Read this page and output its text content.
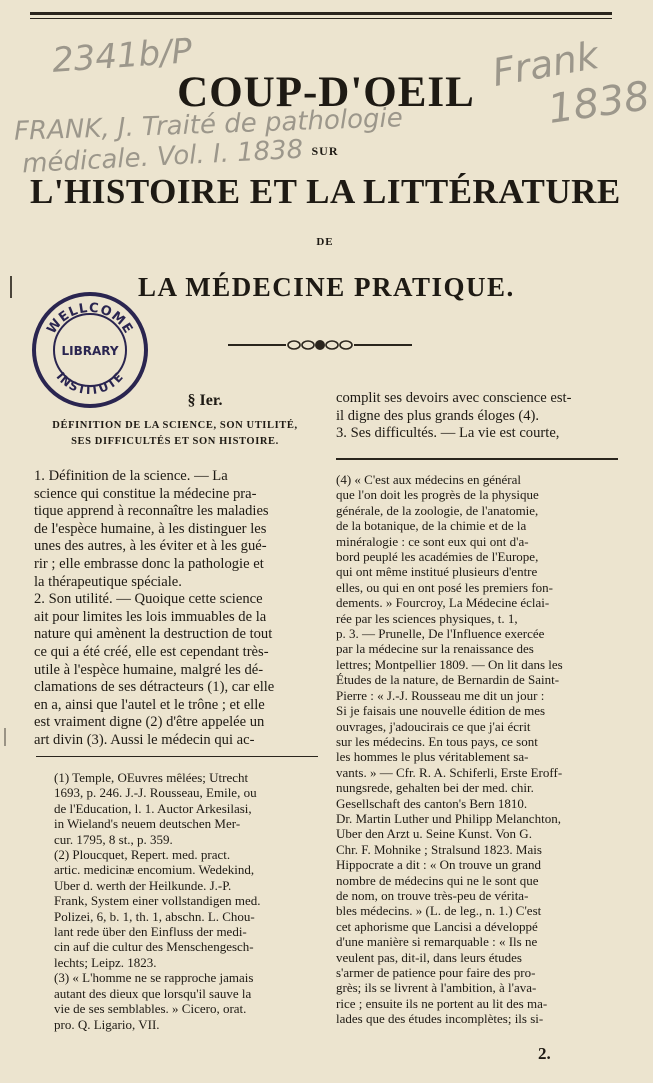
2341b/P
FRANK, J. Traité de pathologie
médicale. Vol. I. 1838
Frank
1838
COUP-D'OEIL
SUR
L'HISTOIRE ET LA LITTÉRATURE
DE
LA MÉDECINE PRATIQUE.
WELLCOME
LIBRARY
INSTITUTE
§ Ier.
DÉFINITION DE LA SCIENCE, SON UTILITÉ,
SES DIFFICULTÉS ET SON HISTOIRE.
1. Définition de la science. — La
science qui constitue la médecine pra-
tique apprend à reconnaître les maladies
de l'espèce humaine, à les distinguer les
unes des autres, à les éviter et à les gué-
rir ; elle embrasse donc la pathologie et
la thérapeutique spéciale.
2. Son utilité. — Quoique cette science
ait pour limites les lois immuables de la
nature qui amènent la destruction de tout
ce qui a été créé, elle est cependant très-
utile à l'espèce humaine, malgré les dé-
clamations de ses détracteurs (1), car elle
en a, ainsi que l'autel et le trône ; et elle
est vraiment digne (2) d'être appelée un
art divin (3). Aussi le médecin qui ac-
(1) Temple, OEuvres mêlées; Utrecht
1693, p. 246. J.-J. Rousseau, Emile, ou
de l'Education, l. 1. Auctor Arkesilasi,
in Wieland's neuem deutschen Mer-
cur. 1795, 8 st., p. 359.
(2) Ploucquet, Repert. med. pract.
artic. medicinæ encomium. Wedekind,
Uber d. werth der Heilkunde. J.-P.
Frank, System einer vollstandigen med.
Polizei, 6, b. 1, th. 1, abschn. L. Chou-
lant rede über den Einfluss der medi-
cin auf die cultur des Menschengesch-
lechts; Leipz. 1823.
(3) « L'homme ne se rapproche jamais
autant des dieux que lorsqu'il sauve la
vie de ses semblables. » Cicero, orat.
pro. Q. Ligario, VII.
complit ses devoirs avec conscience est-
il digne des plus grands éloges (4).
3. Ses difficultés. — La vie est courte,
(4) « C'est aux médecins en général
que l'on doit les progrès de la physique
générale, de la zoologie, de l'anatomie,
de la botanique, de la chimie et de la
minéralogie : ce sont eux qui ont d'a-
bord peuplé les académies de l'Europe,
qui ont même institué plusieurs d'entre
elles, ou qui en ont posé les premiers fon-
dements. » Fourcroy, La Médecine éclai-
rée par les sciences physiques, t. 1,
p. 3. — Prunelle, De l'Influence exercée
par la médecine sur la renaissance des
lettres; Montpellier 1809. — On lit dans les
Études de la nature, de Bernardin de Saint-
Pierre : « J.-J. Rousseau me dit un jour :
Si je faisais une nouvelle édition de mes
ouvrages, j'adoucirais ce que j'ai écrit
sur les médecins. En tous pays, ce sont
les hommes le plus véritablement sa-
vants. » — Cfr. R. A. Schiferli, Erste Eroff-
nungsrede, gehalten bei der med. chir.
Gesellschaft des canton's Bern 1810.
Dr. Martin Luther und Philipp Melanchton,
Uber den Arzt u. Seine Kunst. Von G.
Chr. F. Mohnike ; Stralsund 1823. Mais
Hippocrate a dit : « On trouve un grand
nombre de médecins qui ne le sont que
de nom, on trouve très-peu de vérita-
bles médecins. » (L. de leg., n. 1.) C'est
cet aphorisme que Lancisi a développé
d'une manière si remarquable : « Ils ne
veulent pas, dit-il, dans leurs études
s'armer de patience pour faire des pro-
grès; ils se livrent à l'ambition, à l'ava-
rice ; ensuite ils ne portent au lit des ma-
lades que des études incomplètes; ils si-
2.
